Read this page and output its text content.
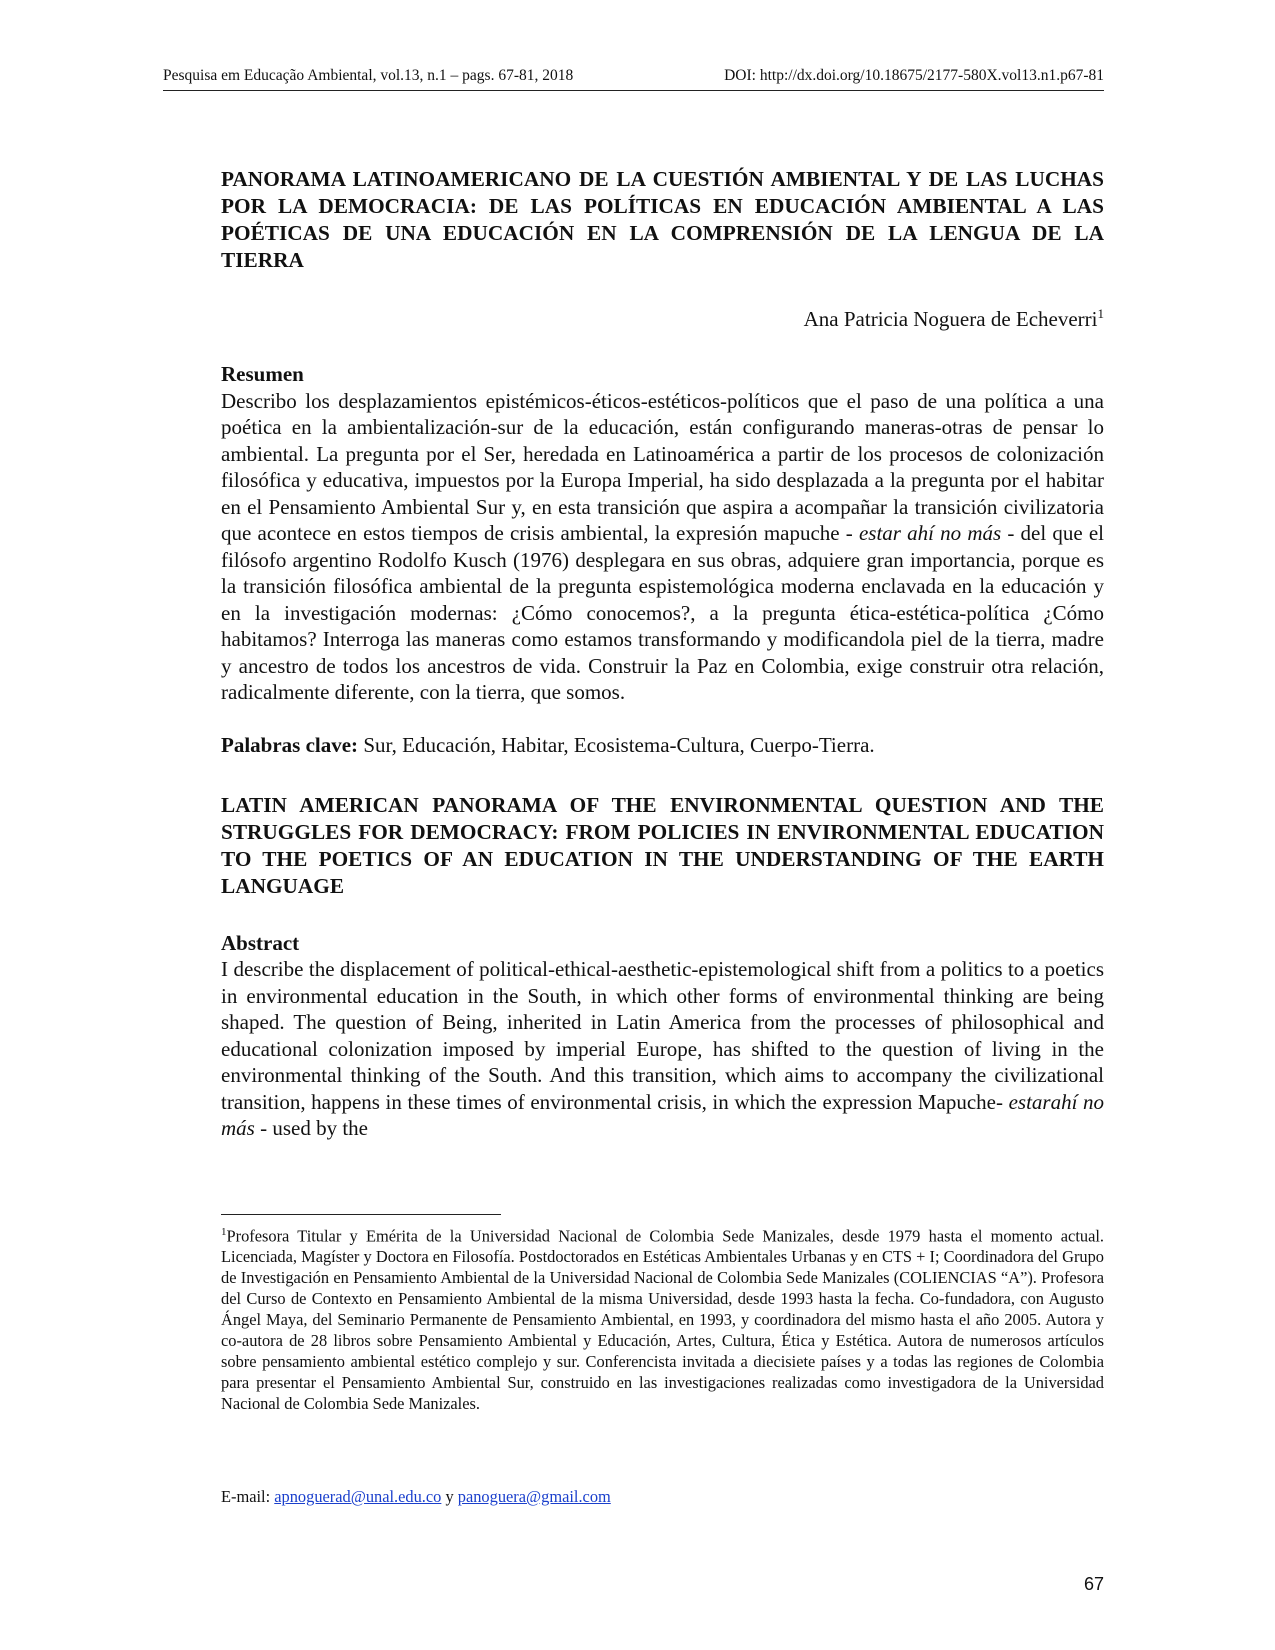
Pesquisa em Educação Ambiental, vol.13, n.1 – pags. 67-81, 2018	DOI: http://dx.doi.org/10.18675/2177-580X.vol13.n1.p67-81

PANORAMA LATINOAMERICANO DE LA CUESTIÓN AMBIENTAL Y DE LAS LUCHAS POR LA DEMOCRACIA: DE LAS POLÍTICAS EN EDUCACIÓN AMBIENTAL A LAS POÉTICAS DE UNA EDUCACIÓN EN LA COMPRENSIÓN DE LA LENGUA DE LA TIERRA

Ana Patricia Noguera de Echeverri$^1$
Resumen

Describo los desplazamientos epistémicos-éticos-estéticos-políticos que el paso de una política a una poética en la ambientalización-sur de la educación, están configurando maneras-otras de pensar lo ambiental. La pregunta por el Ser, heredada en Latinoamérica a partir de los procesos de colonización filosófica y educativa, impuestos por la Europa Imperial, ha sido desplazada a la pregunta por el habitar en el Pensamiento Ambiental Sur y, en esta transición que aspira a acompañar la transición civilizatoria que acontece en estos tiempos de crisis ambiental, la expresión mapuche - estar ahí no más - del que el filósofo argentino Rodolfo Kusch (1976) desplegara en sus obras, adquiere gran importancia, porque es la transición filosófica ambiental de la pregunta espistemológica moderna enclavada en la educación y en la investigación modernas: ¿Cómo conocemos?, a la pregunta ética-estética-política ¿Cómo habitamos? Interroga las maneras como estamos transformando y modificandola piel de la tierra, madre y ancestro de todos los ancestros de vida. Construir la Paz en Colombia, exige construir otra relación, radicalmente diferente, con la tierra, que somos.

Palabras clave: Sur, Educación, Habitar, Ecosistema-Cultura, Cuerpo-Tierra.

LATIN AMERICAN PANORAMA OF THE ENVIRONMENTAL QUESTION AND THE STRUGGLES FOR DEMOCRACY: FROM POLICIES IN ENVIRONMENTAL EDUCATION TO THE POETICS OF AN EDUCATION IN THE UNDERSTANDING OF THE EARTH LANGUAGE

Abstract

I describe the displacement of political-ethical-aesthetic-epistemological shift from a politics to a poetics in environmental education in the South, in which other forms of environmental thinking are being shaped. The question of Being, inherited in Latin America from the processes of philosophical and educational colonization imposed by imperial Europe, has shifted to the question of living in the environmental thinking of the South. And this transition, which aims to accompany the civilizational transition, happens in these times of environmental crisis, in which the expression Mapuche- estarahí no más - used by the

$^1$Profesora Titular y Emérita de la Universidad Nacional de Colombia Sede Manizales, desde 1979 hasta el momento actual. Licenciada, Magíster y Doctora en Filosofía. Postdoctorados en Estéticas Ambientales Urbanas y en CTS + I; Coordinadora del Grupo de Investigación en Pensamiento Ambiental de la Universidad Nacional de Colombia Sede Manizales (COLIENCIAS “A”). Profesora del Curso de Contexto en Pensamiento Ambiental de la misma Universidad, desde 1993 hasta la fecha. Co-fundadora, con Augusto Ángel Maya, del Seminario Permanente de Pensamiento Ambiental, en 1993, y coordinadora del mismo hasta el año 2005. Autora y co-autora de 28 libros sobre Pensamiento Ambiental y Educación, Artes, Cultura, Ética y Estética. Autora de numerosos artículos sobre pensamiento ambiental estético complejo y sur. Conferencista invitada a diecisiete países y a todas las regiones de Colombia para presentar el Pensamiento Ambiental Sur, construido en las investigaciones realizadas como investigadora de la Universidad Nacional de Colombia Sede Manizales.

E-mail: apnoguerad@unal.edu.co y panoguera@gmail.com
67
